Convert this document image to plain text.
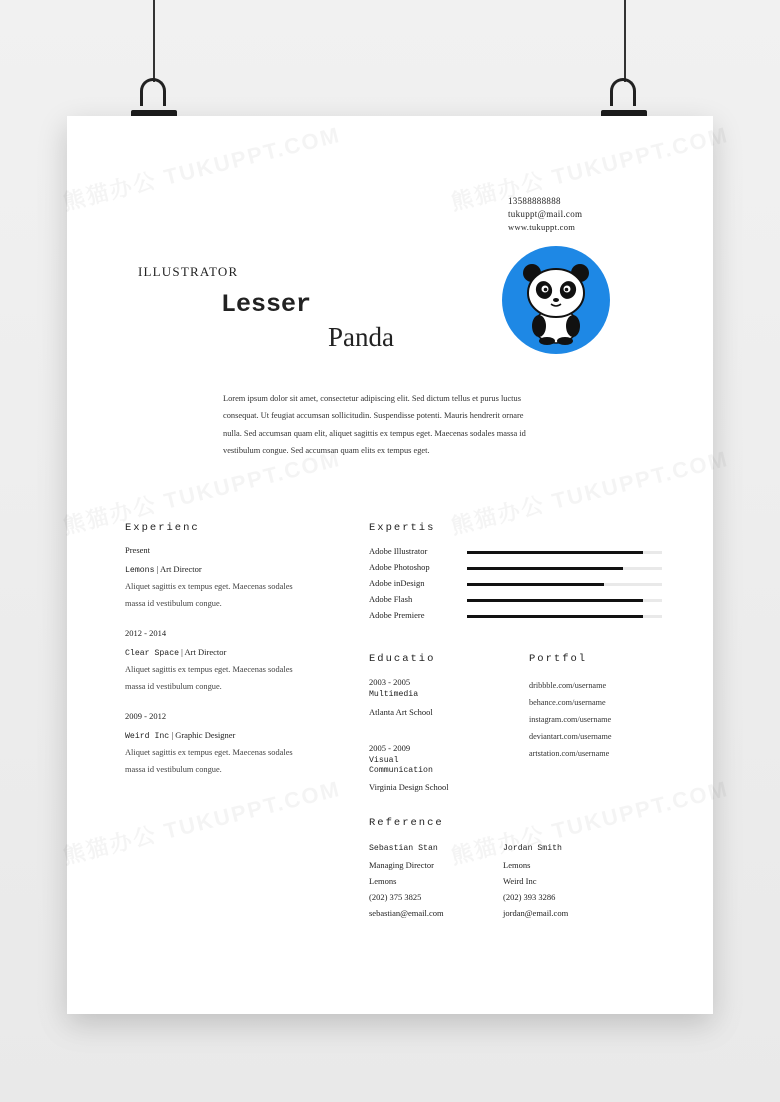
13588888888
tukuppt@mail.com
www.tukuppt.com
ILLUSTRATOR
Lesser
Panda
Lorem ipsum dolor sit amet, consectetur adipiscing elit. Sed dictum tellus et purus luctus consequat. Ut feugiat accumsan sollicitudin. Suspendisse potenti. Mauris hendrerit ornare nulla. Sed accumsan quam elit, aliquet sagittis ex tempus eget. Maecenas sodales massa id vestibulum congue. Sed accumsan quam elits ex tempus eget.
Experienc
Present
Lemons | Art Director
Aliquet sagittis ex tempus eget. Maecenas sodales
massa id vestibulum congue.
2012 - 2014
Clear Space | Art Director
Aliquet sagittis ex tempus eget. Maecenas sodales
massa id vestibulum congue.
2009 - 2012
Weird Inc | Graphic Designer
Aliquet sagittis ex tempus eget. Maecenas sodales
massa id vestibulum congue.
Expertis
Adobe Illustrator
Adobe Photoshop
Adobe inDesign
Adobe Flash
Adobe Premiere
Educatio
2003 - 2005
Multimedia
Atlanta Art School
2005 - 2009
Visual
Communication
Virginia Design School
Portfol
dribbble.com/username
behance.com/username
instagram.com/username
deviantart.com/username
artstation.com/username
Reference
Sebastian Stan
Managing Director
Lemons
(202) 375 3825
sebastian@email.com
Jordan Smith
Lemons
Weird Inc
(202) 393 3286
jordan@email.com
